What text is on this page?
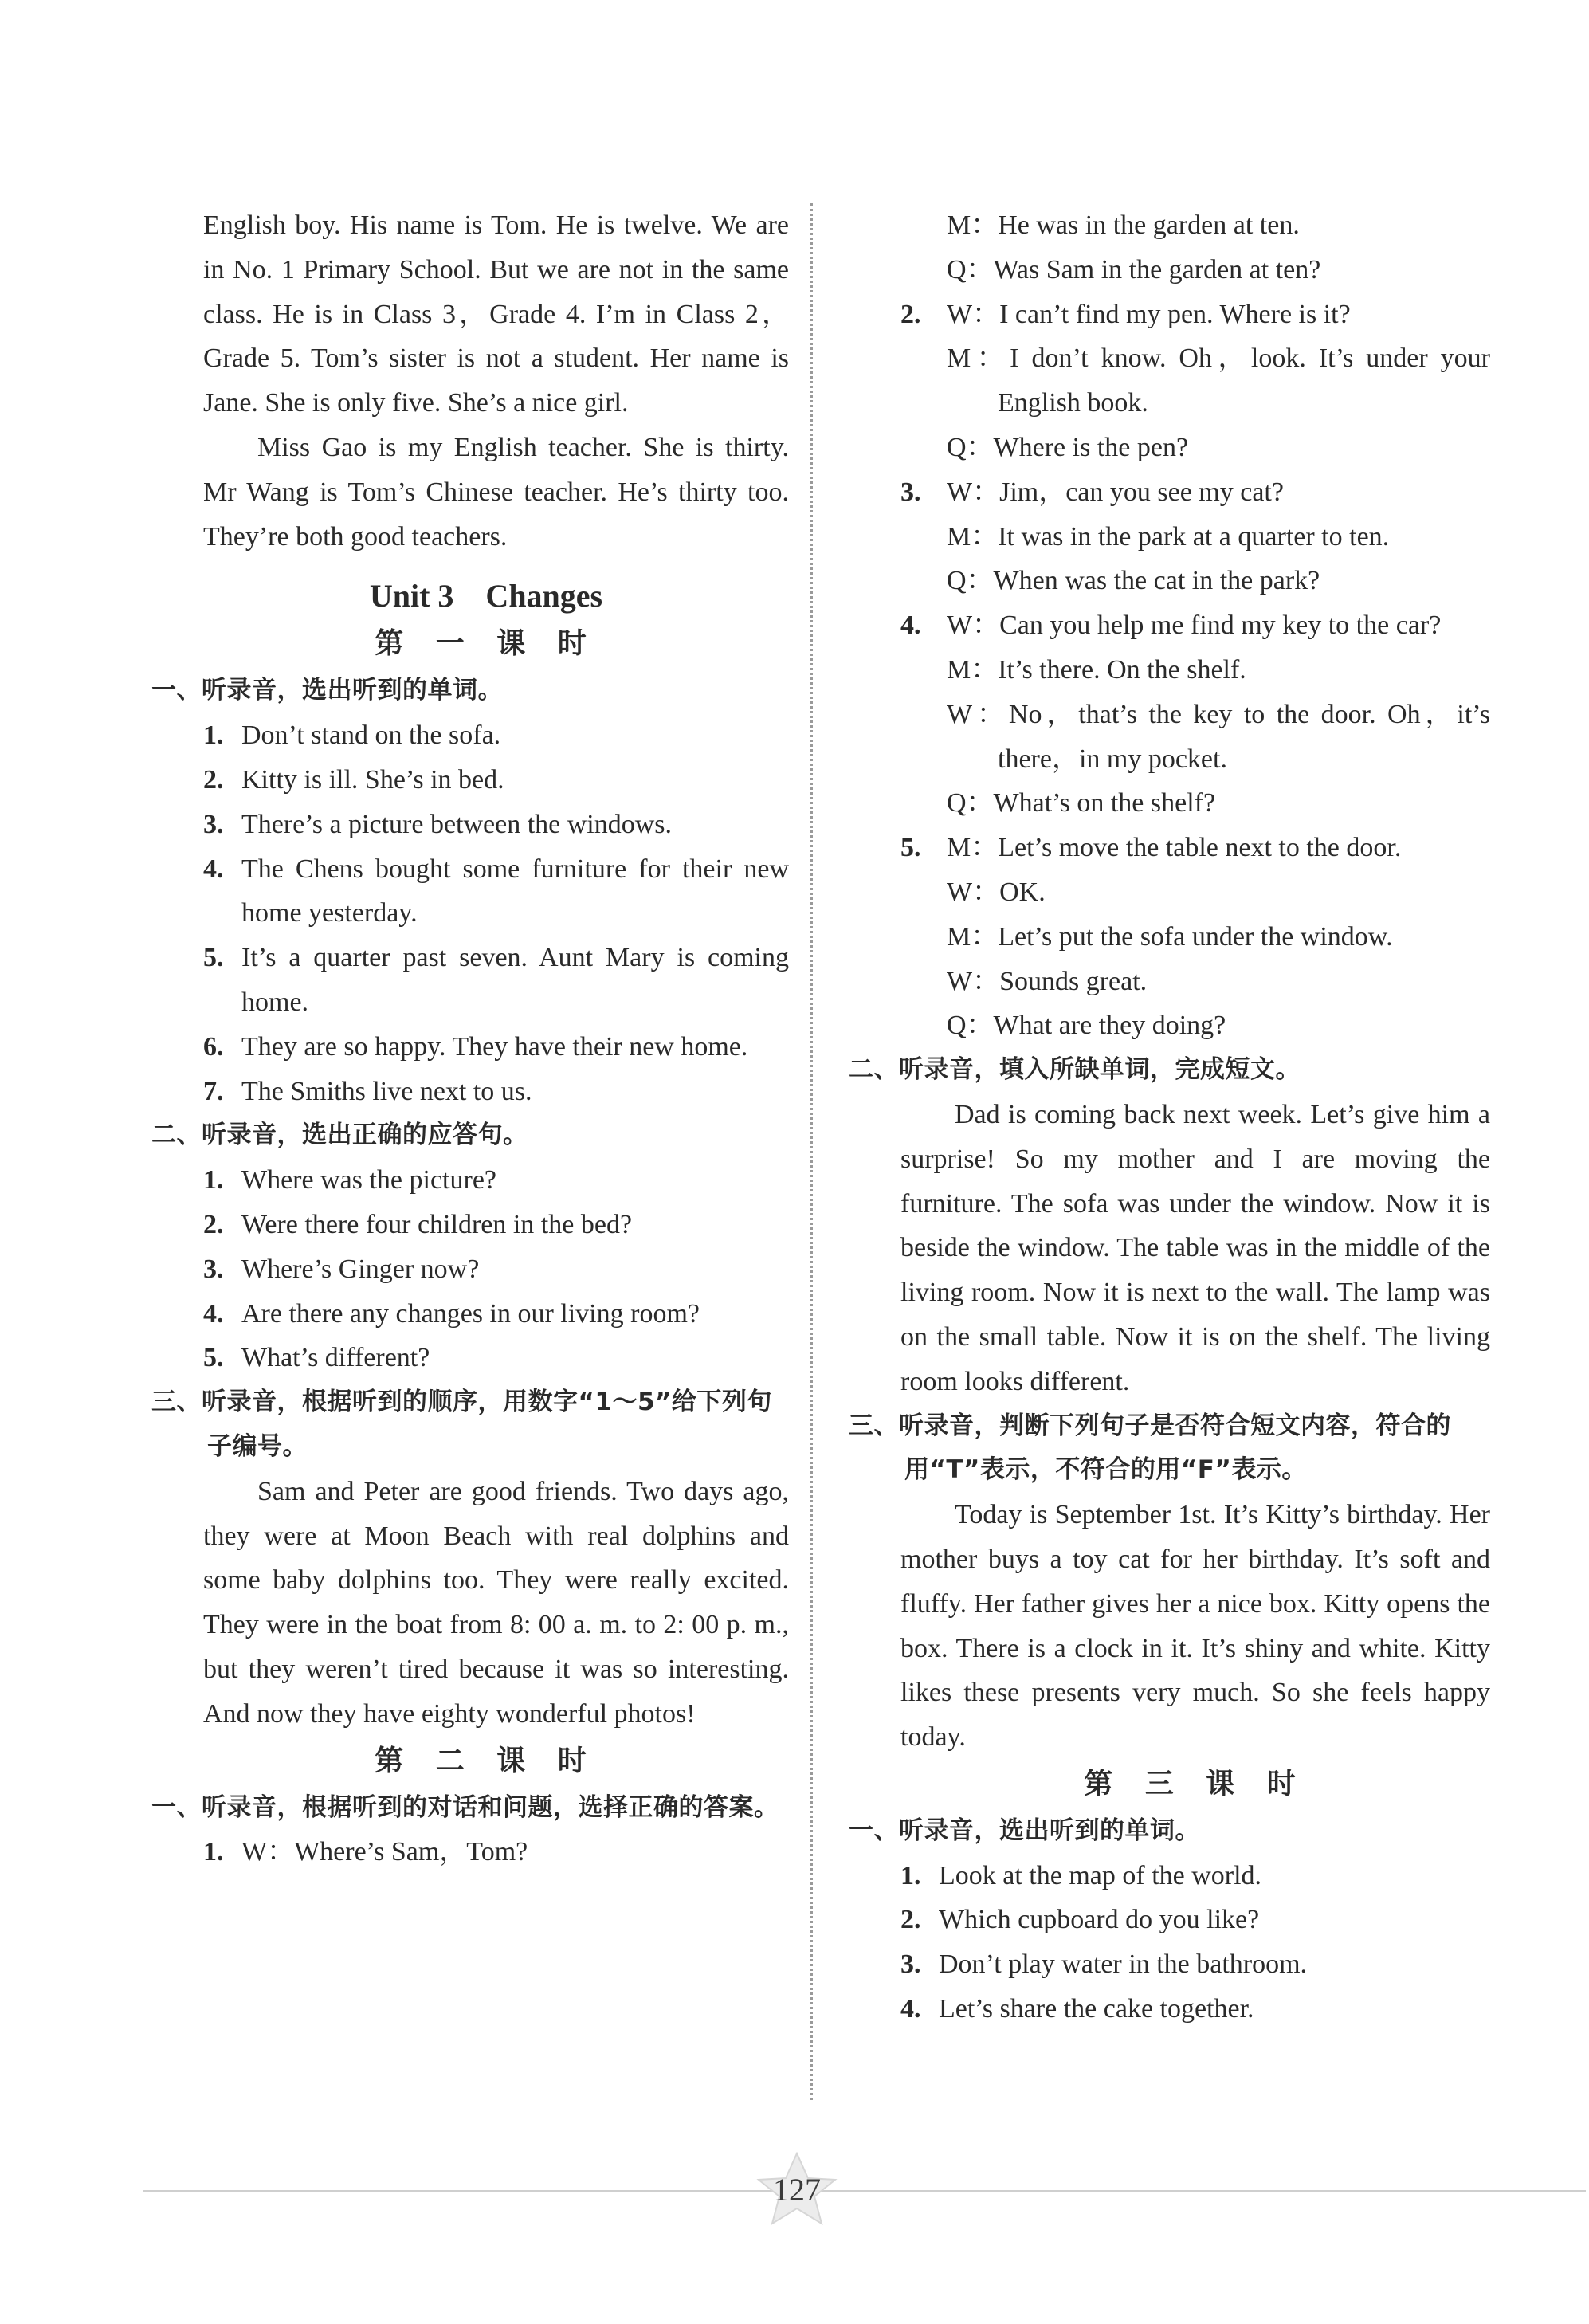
English boy. His name is Tom. He is twelve. We are in No. 1 Primary School. But we are not in the same class. He is in Class 3，Grade 4. I’m in Class 2，Grade 5. Tom’s sister is not a student. Her name is Jane. She is only five. She’s a nice girl.

Miss Gao is my English teacher. She is thirty. Mr Wang is Tom’s Chinese teacher. He’s thirty too. They’re both good teachers.

Unit 3    Changes
第 一 课 时
一、听录音，选出听到的单词。
1. Don’t stand on the sofa.
2. Kitty is ill. She’s in bed.
3. There’s a picture between the windows.
4. The Chens bought some furniture for their new home yesterday.
5. It’s a quarter past seven. Aunt Mary is coming home.
6. They are so happy. They have their new home.
7. The Smiths live next to us.
二、听录音，选出正确的应答句。
1. Where was the picture?
2. Were there four children in the bed?
3. Where’s Ginger now?
4. Are there any changes in our living room?
5. What’s different?
三、听录音，根据听到的顺序，用数字“1～5”给下列句子编号。

Sam and Peter are good friends. Two days ago, they were at Moon Beach with real dolphins and some baby dolphins too. They were really excited. They were in the boat from 8: 00 a. m. to 2: 00 p. m., but they weren’t tired because it was so interesting. And now they have eighty wonderful photos!

第 二 课 时
一、听录音，根据听到的对话和问题，选择正确的答案。
1. W：Where’s Sam，Tom?
M：He was in the garden at ten.
Q：Was Sam in the garden at ten?
2. W：I can’t find my pen. Where is it?
M：I don’t know. Oh，look. It’s under your English book.
Q：Where is the pen?
3. W：Jim，can you see my cat?
M：It was in the park at a quarter to ten.
Q：When was the cat in the park?
4. W：Can you help me find my key to the car?
M：It’s there. On the shelf.
W：No，that’s the key to the door. Oh，it’s there，in my pocket.
Q：What’s on the shelf?
5. M：Let’s move the table next to the door.
W：OK.
M：Let’s put the sofa under the window.
W：Sounds great.
Q：What are they doing?
二、听录音，填入所缺单词，完成短文。

Dad is coming back next week. Let’s give him a surprise! So my mother and I are moving the furniture. The sofa was under the window. Now it is beside the window. The table was in the middle of the living room. Now it is next to the wall. The lamp was on the small table. Now it is on the shelf. The living room looks different.

三、听录音，判断下列句子是否符合短文内容，符合的用“T”表示，不符合的用“F”表示。

Today is September 1st. It’s Kitty’s birthday. Her mother buys a toy cat for her birthday. It’s soft and fluffy. Her father gives her a nice box. Kitty opens the box. There is a clock in it. It’s shiny and white. Kitty likes these presents very much. So she feels happy today.

第 三 课 时
一、听录音，选出听到的单词。
1. Look at the map of the world.
2. Which cupboard do you like?
3. Don’t play water in the bathroom.
4. Let’s share the cake together.
127
